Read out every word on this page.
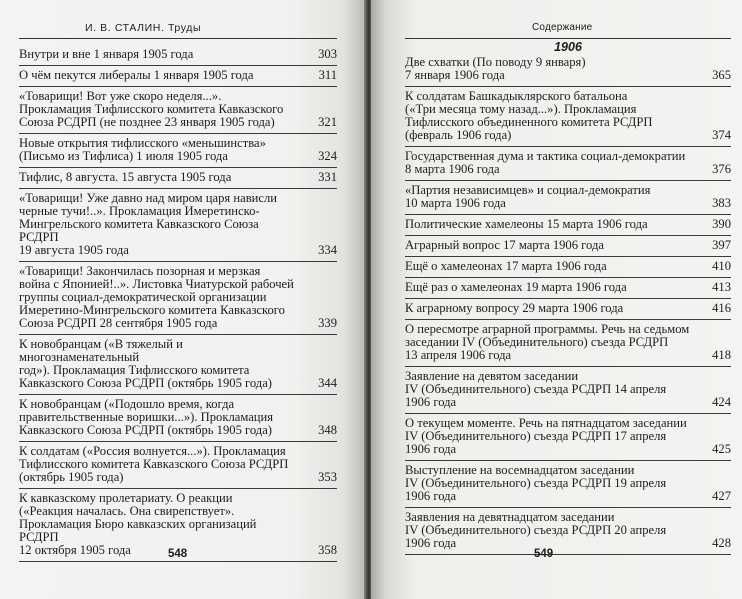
И. В. СТАЛИН. Труды
Внутри и вне 1 января 1905 года	303
О чём пекутся либералы 1 января 1905 года	311
«Товарищи! Вот уже скоро неделя...».
Прокламация Тифлисского комитета Кавказского
Союза РСДРП (не позднее 23 января 1905 года)	321
Новые открытия тифлисского «меньшинства»
(Письмо из Тифлиса) 1 июля 1905 года	324
Тифлис, 8 августа. 15 августа 1905 года	331
«Товарищи! Уже давно над миром царя нависли
черные тучи!..». Прокламация Имеретинско-
Мингрельского комитета Кавказского Союза РСДРП
19 августа 1905 года	334
«Товарищи! Закончилась позорная и мерзкая
война с Японией!..». Листовка Чиатурской рабочей
группы социал-демократической организации
Имеретино-Мингрельского комитета Кавказского
Союза РСДРП 28 сентября 1905 года	339
К новобранцам («В тяжелый и многознаменательный
год»). Прокламация Тифлисского комитета
Кавказского Союза РСДРП (октябрь 1905 года)	344
К новобранцам («Подошло время, когда
правительственные воришки...»). Прокламация
Кавказского Союза РСДРП (октябрь 1905 года)	348
К солдатам («Россия волнуется...»). Прокламация
Тифлисского комитета Кавказского Союза РСДРП
(октябрь 1905 года)	353
К кавказскому пролетариату. О реакции
(«Реакция началась. Она свирепствует».
Прокламация Бюро кавказских организаций РСДРП
12 октября 1905 года	358
548
Содержание
1906
Две схватки (По поводу 9 января)
7 января 1906 года	365
К солдатам Башкадыклярского батальона
(«Три месяца тому назад...»). Прокламация
Тифлисского объединенного комитета РСДРП
(февраль 1906 года)	374
Государственная дума и тактика социал-демократии
8 марта 1906 года	376
«Партия независимцев» и социал-демократия
10 марта 1906 года	383
Политические хамелеоны 15 марта 1906 года	390
Аграрный вопрос 17 марта 1906 года	397
Ещё о хамелеонах 17 марта 1906 года	410
Ещё раз о хамелеонах 19 марта 1906 года	413
К аграрному вопросу 29 марта 1906 года	416
О пересмотре аграрной программы. Речь на седьмом
заседании IV (Объединительного) съезда РСДРП
13 апреля 1906 года	418
Заявление на девятом заседании
IV (Объединительного) съезда РСДРП 14 апреля
1906 года	424
О текущем моменте. Речь на пятнадцатом заседании
IV (Объединительного) съезда РСДРП 17 апреля
1906 года	425
Выступление на восемнадцатом заседании
IV (Объединительного) съезда РСДРП 19 апреля
1906 года	427
Заявления на девятнадцатом заседании
IV (Объединительного) съезда РСДРП 20 апреля
1906 года	428
549
